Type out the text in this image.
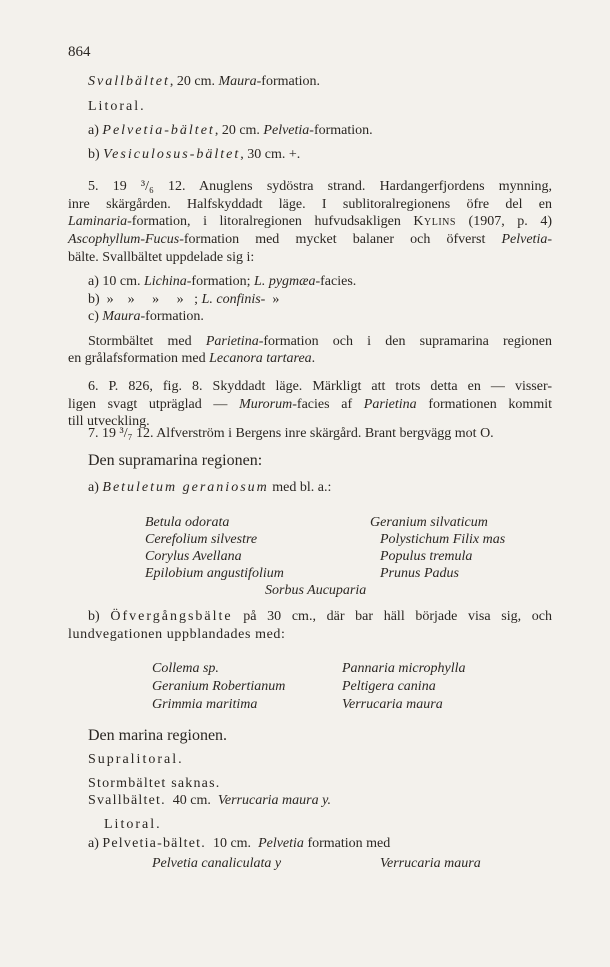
864
Svallbältet, 20 cm. Maura-formation.
Litoral.
a) Pelvetia-bältet, 20 cm. Pelvetia-formation.
b) Vesiculosus-bältet, 30 cm. +.
5. 19 ³/₆ 12. Anuglens sydöstra strand. Hardangerfjordens mynning,
inre skärgården. Halfskyddadt läge. I sublitoralregionens öfre del en
Laminaria-formation, i litoralregionen hufvudsakligen Kylins (1907, p. 4)
Ascophyllum-Fucus-formation med mycket balaner och öfverst Pelvetia-
bälte. Svallbältet uppdelade sig i:
a) 10 cm. Lichina-formation; L. pygmæa-facies.
b)  »    »     »     »   ; L. confinis-  »
c) Maura-formation.
Stormbältet med Parietina-formation och i den supramarina regionen
en grålafsformation med Lecanora tartarea.
6. P. 826, fig. 8. Skyddadt läge. Märkligt att trots detta en — visser-
ligen svagt utpräglad — Murorum-facies af Parietina formationen kommit
till utveckling.
7. 19 ³/₇ 12. Alfverström i Bergens inre skärgård. Brant bergvägg mot O.
Den supramarina regionen:
a) Betuletum geraniosum med bl. a.:
Betula odorata
Cerefolium silvestre
Corylus Avellana
Epilobium angustifolium
Geranium silvaticum
Polystichum Filix mas
Populus tremula
Prunus Padus
Sorbus Aucuparia
b) Öfvergångsbälte på 30 cm., där bar häll började visa sig, och
lundvegationen uppblandades med:
Collema sp.
Geranium Robertianum
Grimmia maritima
Pannaria microphylla
Peltigera canina
Verrucaria maura
Den marina regionen.
Supralitoral.
Stormbältet saknas.
Svallbältet.  40 cm.  Verrucaria maura y.
Litoral.
a) Pelvetia-bältet.  10 cm.  Pelvetia formation med
Pelvetia canaliculata y	Verrucaria maura
